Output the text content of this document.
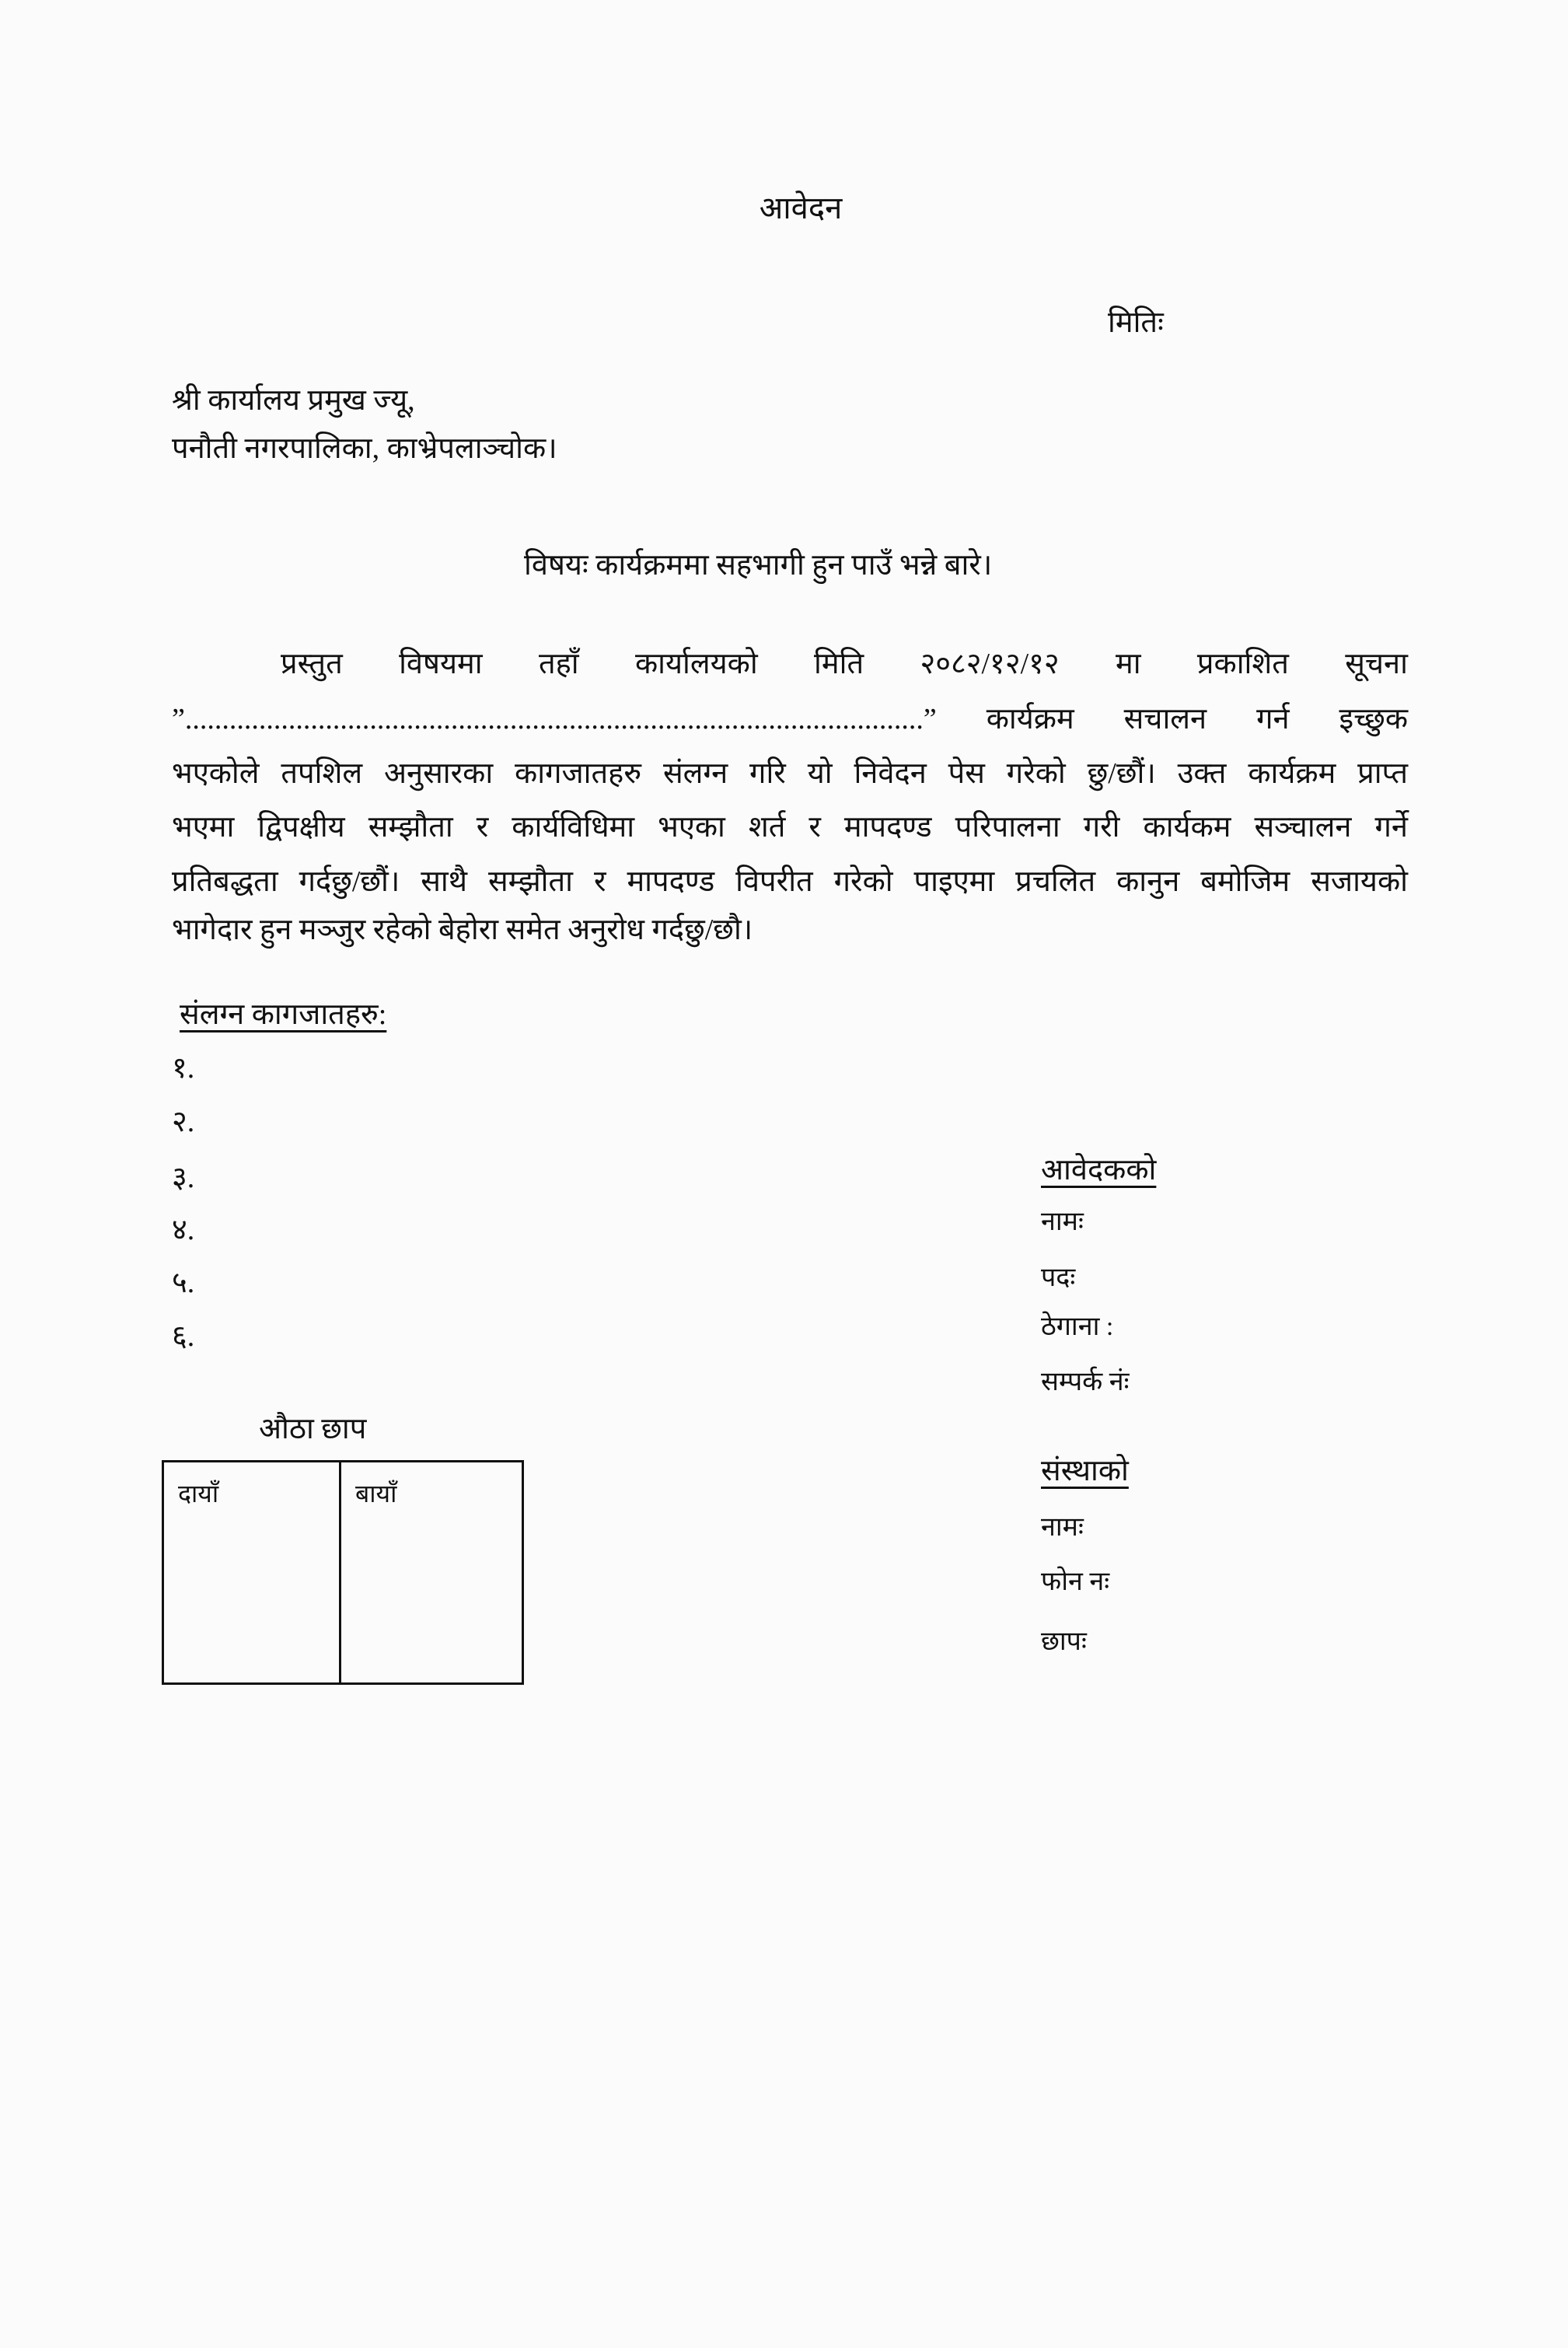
आवेदन
मितिः
श्री कार्यालय प्रमुख ज्यू,
पनौती नगरपालिका, काभ्रेपलाञ्चोक।
विषयः कार्यक्रममा सहभागी हुन पाउँ भन्ने बारे।
प्रस्तुत विषयमा तहाँ कार्यालयको मिति २०८२/१२/१२ मा प्रकाशित सूचना
”....................................................................................................” कार्यक्रम सचालन गर्न इच्छुक
भएकोले तपशिल अनुसारका कागजातहरु संलग्न गरि यो निवेदन पेस गरेको छु/छौं। उक्त कार्यक्रम प्राप्त
भएमा द्विपक्षीय सम्झौता र कार्यविधिमा भएका शर्त र मापदण्ड परिपालना गरी कार्यकम सञ्चालन गर्ने
प्रतिबद्धता गर्दछु/छौं। साथै सम्झौता र मापदण्ड विपरीत गरेको पाइएमा प्रचलित कानुन बमोजिम सजायको
भागेदार हुन मञ्जुर रहेको बेहोरा समेत अनुरोध गर्दछु/छौ।
संलग्न कागजातहरु:
१.
२.
३.
४.
५.
६.
औठा छाप
दायाँ	बायाँ
आवेदकको
नामः
पदः
ठेगाना :
सम्पर्क नंः
संस्थाको
नामः
फोन नः
छापः
